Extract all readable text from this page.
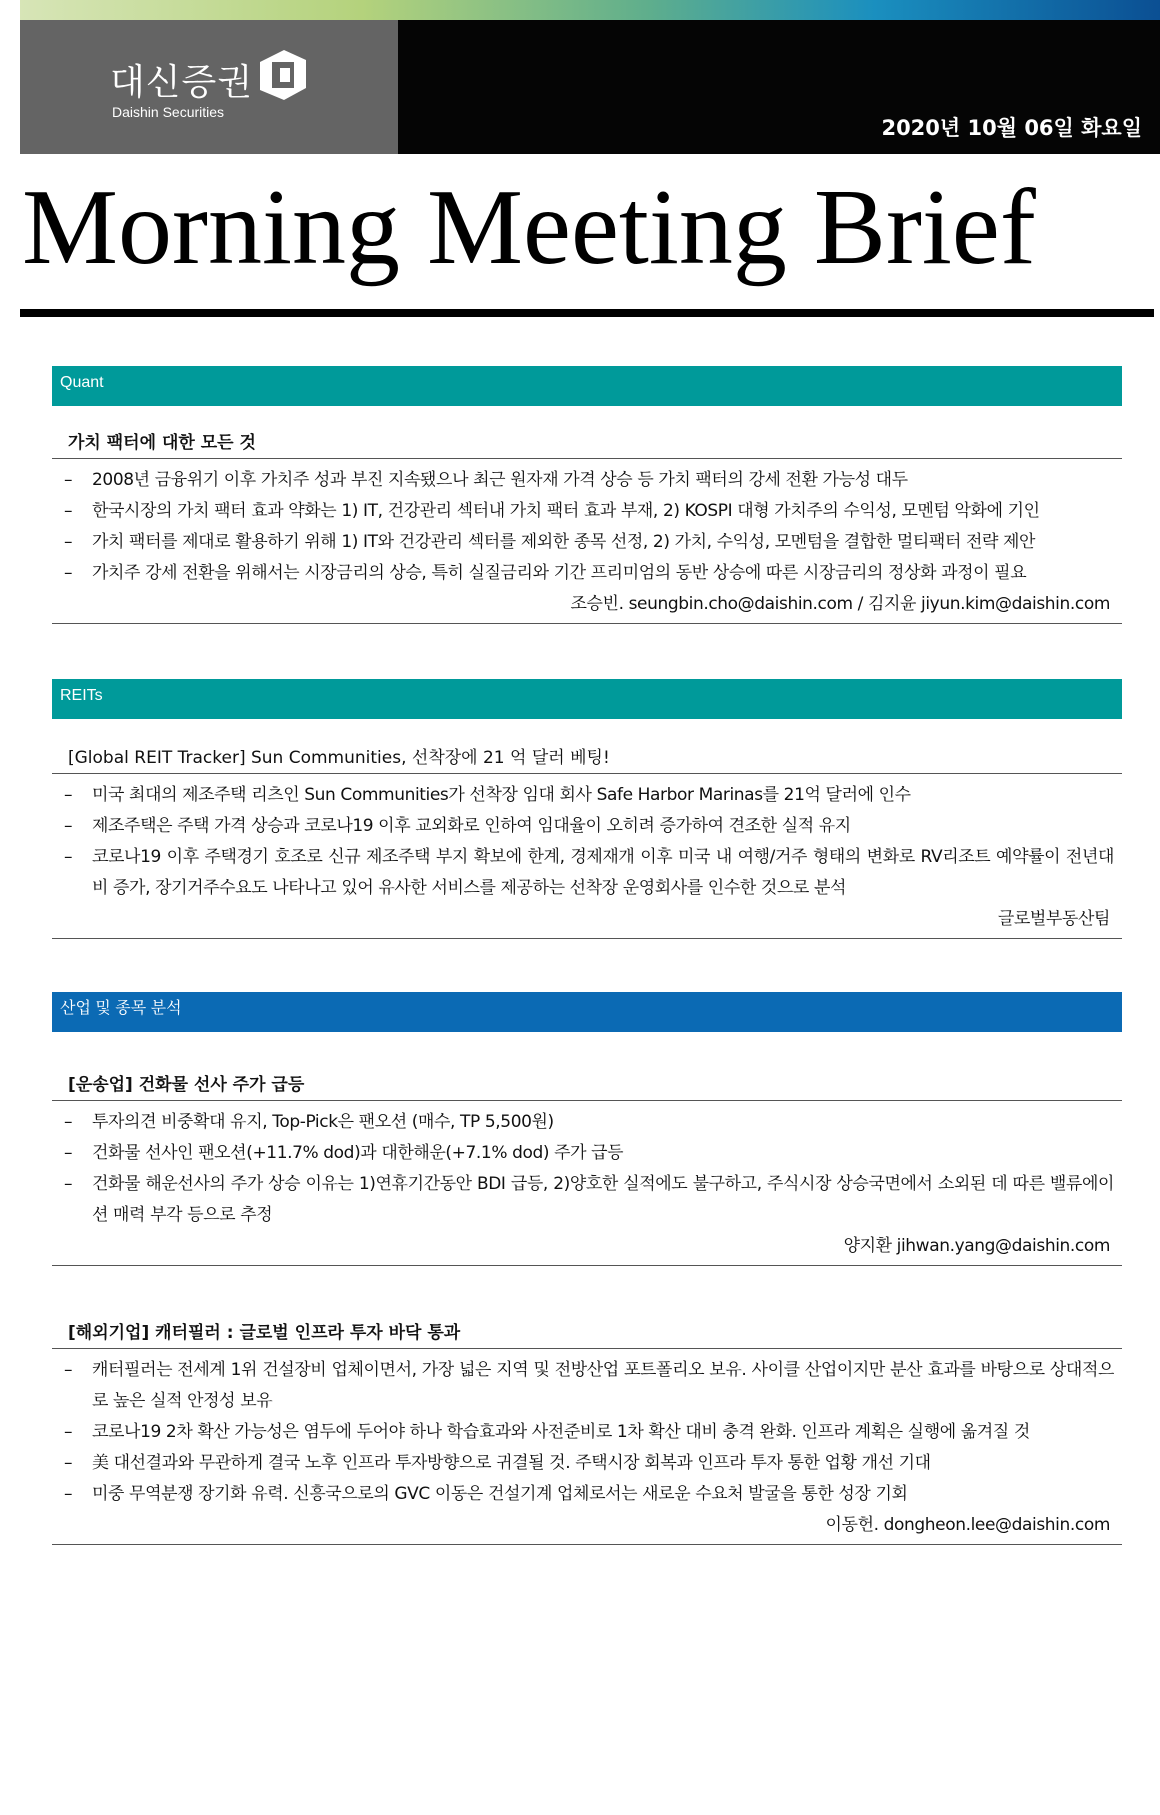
대신증권
Daishin Securities
2020년 10월 06일 화요일
Morning Meeting Brief
Quant
가치 팩터에 대한 모든 것
– 2008년 금융위기 이후 가치주 성과 부진 지속됐으나 최근 원자재 가격 상승 등 가치 팩터의 강세 전환 가능성 대두
– 한국시장의 가치 팩터 효과 약화는 1) IT, 건강관리 섹터내 가치 팩터 효과 부재, 2) KOSPI 대형 가치주의 수익성, 모멘텀 악화에 기인
– 가치 팩터를 제대로 활용하기 위해 1) IT와 건강관리 섹터를 제외한 종목 선정, 2) 가치, 수익성, 모멘텀을 결합한 멀티팩터 전략 제안
– 가치주 강세 전환을 위해서는 시장금리의 상승, 특히 실질금리와 기간 프리미엄의 동반 상승에 따른 시장금리의 정상화 과정이 필요
조승빈. seungbin.cho@daishin.com / 김지윤 jiyun.kim@daishin.com
REITs
[Global REIT Tracker] Sun Communities, 선착장에 21 억 달러 베팅!
– 미국 최대의 제조주택 리츠인 Sun Communities가 선착장 임대 회사 Safe Harbor Marinas를 21억 달러에 인수
– 제조주택은 주택 가격 상승과 코로나19 이후 교외화로 인하여 임대율이 오히려 증가하여 견조한 실적 유지
– 코로나19 이후 주택경기 호조로 신규 제조주택 부지 확보에 한계, 경제재개 이후 미국 내 여행/거주 형태의 변화로 RV리조트 예약률이 전년대비 증가, 장기거주수요도 나타나고 있어 유사한 서비스를 제공하는 선착장 운영회사를 인수한 것으로 분석
글로벌부동산팀
산업 및 종목 분석
[운송업] 건화물 선사 주가 급등
– 투자의견 비중확대 유지, Top-Pick은 팬오션 (매수, TP 5,500원)
– 건화물 선사인 팬오션(+11.7% dod)과 대한해운(+7.1% dod) 주가 급등
– 건화물 해운선사의 주가 상승 이유는 1)연휴기간동안 BDI 급등, 2)양호한 실적에도 불구하고, 주식시장 상승국면에서 소외된 데 따른 밸류에이션 매력 부각 등으로 추정
양지환 jihwan.yang@daishin.com
[해외기업] 캐터필러 : 글로벌 인프라 투자 바닥 통과
– 캐터필러는 전세계 1위 건설장비 업체이면서, 가장 넓은 지역 및 전방산업 포트폴리오 보유. 사이클 산업이지만 분산 효과를 바탕으로 상대적으로 높은 실적 안정성 보유
– 코로나19 2차 확산 가능성은 염두에 두어야 하나 학습효과와 사전준비로 1차 확산 대비 충격 완화. 인프라 계획은 실행에 옮겨질 것
– 美 대선결과와 무관하게 결국 노후 인프라 투자방향으로 귀결될 것. 주택시장 회복과 인프라 투자 통한 업황 개선 기대
– 미중 무역분쟁 장기화 유력. 신흥국으로의 GVC 이동은 건설기계 업체로서는 새로운 수요처 발굴을 통한 성장 기회
이동헌. dongheon.lee@daishin.com
